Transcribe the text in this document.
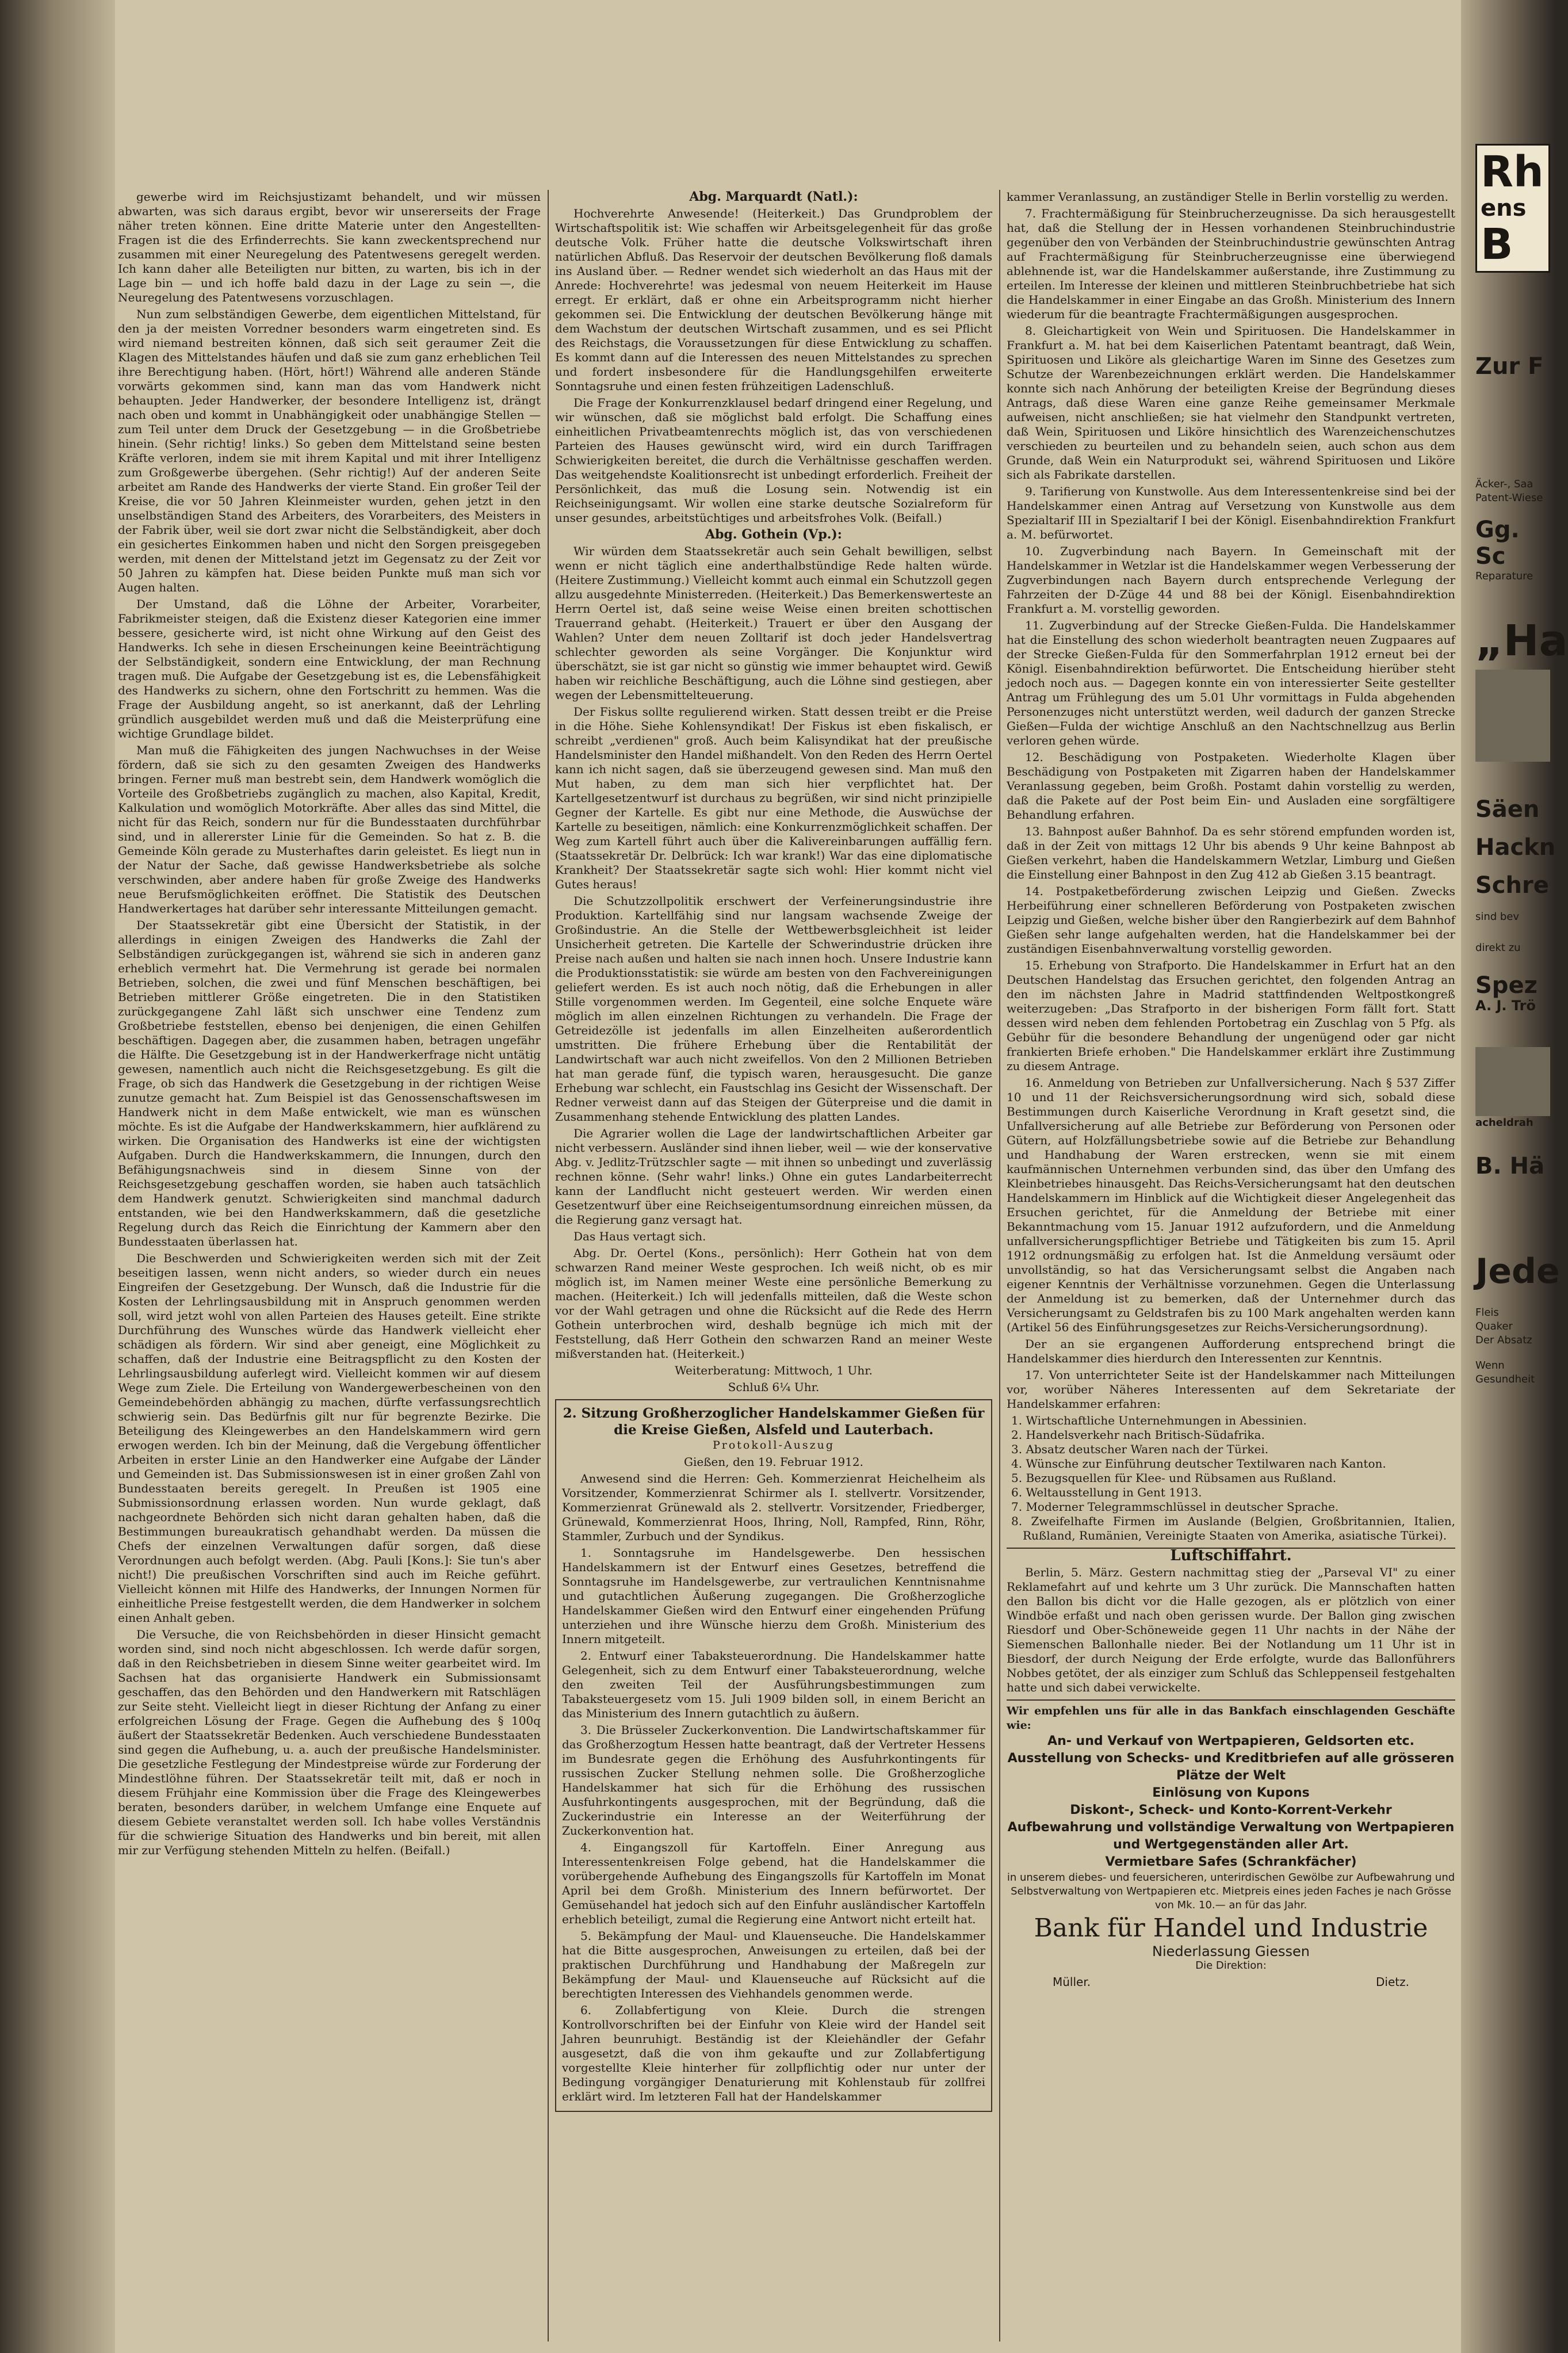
gewerbe wird im Reichsjustizamt behandelt, und wir müssen abwarten, was sich daraus ergibt, bevor wir unsererseits der Frage näher treten können. Eine dritte Materie unter den Angestellten-Fragen ist die des Erfinderrechts. Sie kann zweckentsprechend nur zusammen mit einer Neuregelung des Patentwesens geregelt werden. Ich kann daher alle Beteiligten nur bitten, zu warten, bis ich in der Lage bin — und ich hoffe bald dazu in der Lage zu sein —, die Neuregelung des Patentwesens vorzuschlagen.

Nun zum selbständigen Gewerbe, dem eigentlichen Mittelstand, für den ja der meisten Vorredner besonders warm eingetreten sind. Es wird niemand bestreiten können, daß sich seit geraumer Zeit die Klagen des Mittelstandes häufen und daß sie zum ganz erheblichen Teil ihre Berechtigung haben. (Hört, hört!) Während alle anderen Stände vorwärts gekommen sind, kann man das vom Handwerk nicht behaupten. Jeder Handwerker, der besondere Intelligenz ist, drängt nach oben und kommt in Unabhängigkeit oder unabhängige Stellen — zum Teil unter dem Druck der Gesetzgebung — in die Großbetriebe hinein. (Sehr richtig! links.) So geben dem Mittelstand seine besten Kräfte verloren, indem sie mit ihrem Kapital und mit ihrer Intelligenz zum Großgewerbe übergehen. (Sehr richtig!) Auf der anderen Seite arbeitet am Rande des Handwerks der vierte Stand. Ein großer Teil der Kreise, die vor 50 Jahren Kleinmeister wurden, gehen jetzt in den unselbständigen Stand des Arbeiters, des Vorarbeiters, des Meisters in der Fabrik über, weil sie dort zwar nicht die Selbständigkeit, aber doch ein gesichertes Einkommen haben und nicht den Sorgen preisgegeben werden, mit denen der Mittelstand jetzt im Gegensatz zu der Zeit vor 50 Jahren zu kämpfen hat. Diese beiden Punkte muß man sich vor Augen halten.

Der Umstand, daß die Löhne der Arbeiter, Vorarbeiter, Fabrikmeister steigen, daß die Existenz dieser Kategorien eine immer bessere, gesicherte wird, ist nicht ohne Wirkung auf den Geist des Handwerks. Ich sehe in diesen Erscheinungen keine Beeinträchtigung der Selbständigkeit, sondern eine Entwicklung, der man Rechnung tragen muß. Die Aufgabe der Gesetzgebung ist es, die Lebensfähigkeit des Handwerks zu sichern, ohne den Fortschritt zu hemmen. Was die Frage der Ausbildung angeht, so ist anerkannt, daß der Lehrling gründlich ausgebildet werden muß und daß die Meisterprüfung eine wichtige Grundlage bildet.

Man muß die Fähigkeiten des jungen Nachwuchses in der Weise fördern, daß sie sich zu den gesamten Zweigen des Handwerks bringen. Ferner muß man bestrebt sein, dem Handwerk womöglich die Vorteile des Großbetriebs zugänglich zu machen, also Kapital, Kredit, Kalkulation und womöglich Motorkräfte. Aber alles das sind Mittel, die nicht für das Reich, sondern nur für die Bundesstaaten durchführbar sind, und in allererster Linie für die Gemeinden. So hat z. B. die Gemeinde Köln gerade zu Musterhaftes darin geleistet. Es liegt nun in der Natur der Sache, daß gewisse Handwerksbetriebe als solche verschwinden, aber andere haben für große Zweige des Handwerks neue Berufsmöglichkeiten eröffnet. Die Statistik des Deutschen Handwerkertages hat darüber sehr interessante Mitteilungen gemacht.

Der Staatssekretär gibt eine Übersicht der Statistik, in der allerdings in einigen Zweigen des Handwerks die Zahl der Selbständigen zurückgegangen ist, während sie sich in anderen ganz erheblich vermehrt hat. Die Vermehrung ist gerade bei normalen Betrieben, solchen, die zwei und fünf Menschen beschäftigen, bei Betrieben mittlerer Größe eingetreten. Die in den Statistiken zurückgegangene Zahl läßt sich unschwer eine Tendenz zum Großbetriebe feststellen, ebenso bei denjenigen, die einen Gehilfen beschäftigen. Dagegen aber, die zusammen haben, betragen ungefähr die Hälfte. Die Gesetzgebung ist in der Handwerkerfrage nicht untätig gewesen, namentlich auch nicht die Reichsgesetzgebung. Es gilt die Frage, ob sich das Handwerk die Gesetzgebung in der richtigen Weise zunutze gemacht hat. Zum Beispiel ist das Genossenschaftswesen im Handwerk nicht in dem Maße entwickelt, wie man es wünschen möchte. Es ist die Aufgabe der Handwerkskammern, hier aufklärend zu wirken. Die Organisation des Handwerks ist eine der wichtigsten Aufgaben. Durch die Handwerkskammern, die Innungen, durch den Befähigungsnachweis sind in diesem Sinne von der Reichsgesetzgebung geschaffen worden, sie haben auch tatsächlich dem Handwerk genutzt. Schwierigkeiten sind manchmal dadurch entstanden, wie bei den Handwerkskammern, daß die gesetzliche Regelung durch das Reich die Einrichtung der Kammern aber den Bundesstaaten überlassen hat.

Die Beschwerden und Schwierigkeiten werden sich mit der Zeit beseitigen lassen, wenn nicht anders, so wieder durch ein neues Eingreifen der Gesetzgebung. Der Wunsch, daß die Industrie für die Kosten der Lehrlingsausbildung mit in Anspruch genommen werden soll, wird jetzt wohl von allen Parteien des Hauses geteilt. Eine strikte Durchführung des Wunsches würde das Handwerk vielleicht eher schädigen als fördern. Wir sind aber geneigt, eine Möglichkeit zu schaffen, daß der Industrie eine Beitragspflicht zu den Kosten der Lehrlingsausbildung auferlegt wird. Vielleicht kommen wir auf diesem Wege zum Ziele. Die Erteilung von Wandergewerbescheinen von den Gemeindebehörden abhängig zu machen, dürfte verfassungsrechtlich schwierig sein. Das Bedürfnis gilt nur für begrenzte Bezirke. Die Beteiligung des Kleingewerbes an den Handelskammern wird gern erwogen werden. Ich bin der Meinung, daß die Vergebung öffentlicher Arbeiten in erster Linie an den Handwerker eine Aufgabe der Länder und Gemeinden ist. Das Submissionswesen ist in einer großen Zahl von Bundesstaaten bereits geregelt. In Preußen ist 1905 eine Submissionsordnung erlassen worden. Nun wurde geklagt, daß nachgeordnete Behörden sich nicht daran gehalten haben, daß die Bestimmungen bureaukratisch gehandhabt werden. Da müssen die Chefs der einzelnen Verwaltungen dafür sorgen, daß diese Verordnungen auch befolgt werden. (Abg. Pauli [Kons.]: Sie tun's aber nicht!) Die preußischen Vorschriften sind auch im Reiche geführt. Vielleicht können mit Hilfe des Handwerks, der Innungen Normen für einheitliche Preise festgestellt werden, die dem Handwerker in solchem einen Anhalt geben.

Die Versuche, die von Reichsbehörden in dieser Hinsicht gemacht worden sind, sind noch nicht abgeschlossen. Ich werde dafür sorgen, daß in den Reichsbetrieben in diesem Sinne weiter gearbeitet wird. Im Sachsen hat das organisierte Handwerk ein Submissionsamt geschaffen, das den Behörden und den Handwerkern mit Ratschlägen zur Seite steht. Vielleicht liegt in dieser Richtung der Anfang zu einer erfolgreichen Lösung der Frage. Gegen die Aufhebung des § 100q äußert der Staatssekretär Bedenken. Auch verschiedene Bundesstaaten sind gegen die Aufhebung, u. a. auch der preußische Handelsminister. Die gesetzliche Festlegung der Mindestpreise würde zur Forderung der Mindestlöhne führen. Der Staatssekretär teilt mit, daß er noch in diesem Frühjahr eine Kommission über die Frage des Kleingewerbes beraten, besonders darüber, in welchem Umfange eine Enquete auf diesem Gebiete veranstaltet werden soll. Ich habe volles Verständnis für die schwierige Situation des Handwerks und bin bereit, mit allen mir zur Verfügung stehenden Mitteln zu helfen. (Beifall.)

Abg. Marquardt (Natl.):

Hochverehrte Anwesende! (Heiterkeit.) Das Grundproblem der Wirtschaftspolitik ist: Wie schaffen wir Arbeitsgelegenheit für das große deutsche Volk. Früher hatte die deutsche Volkswirtschaft ihren natürlichen Abfluß. Das Reservoir der deutschen Bevölkerung floß damals ins Ausland über. — Redner wendet sich wiederholt an das Haus mit der Anrede: Hochverehrte! was jedesmal von neuem Heiterkeit im Hause erregt. Er erklärt, daß er ohne ein Arbeitsprogramm nicht hierher gekommen sei. Die Entwicklung der deutschen Bevölkerung hänge mit dem Wachstum der deutschen Wirtschaft zusammen, und es sei Pflicht des Reichstags, die Voraussetzungen für diese Entwicklung zu schaffen. Es kommt dann auf die Interessen des neuen Mittelstandes zu sprechen und fordert insbesondere für die Handlungsgehilfen erweiterte Sonntagsruhe und einen festen frühzeitigen Ladenschluß.

Die Frage der Konkurrenzklausel bedarf dringend einer Regelung, und wir wünschen, daß sie möglichst bald erfolgt. Die Schaffung eines einheitlichen Privatbeamtenrechts möglich ist, das von verschiedenen Parteien des Hauses gewünscht wird, wird ein durch Tariffragen Schwierigkeiten bereitet, die durch die Verhältnisse geschaffen werden. Das weitgehendste Koalitionsrecht ist unbedingt erforderlich. Freiheit der Persönlichkeit, das muß die Losung sein. Notwendig ist ein Reichseinigungsamt. Wir wollen eine starke deutsche Sozialreform für unser gesundes, arbeitstüchtiges und arbeitsfrohes Volk. (Beifall.)

Abg. Gothein (Vp.):

Wir würden dem Staatssekretär auch sein Gehalt bewilligen, selbst wenn er nicht täglich eine anderthalbstündige Rede halten würde. (Heitere Zustimmung.) Vielleicht kommt auch einmal ein Schutzzoll gegen allzu ausgedehnte Ministerreden. (Heiterkeit.) Das Bemerkenswerteste an Herrn Oertel ist, daß seine weise Weise einen breiten schottischen Trauerrand gehabt. (Heiterkeit.) Trauert er über den Ausgang der Wahlen? Unter dem neuen Zolltarif ist doch jeder Handelsvertrag schlechter geworden als seine Vorgänger. Die Konjunktur wird überschätzt, sie ist gar nicht so günstig wie immer behauptet wird. Gewiß haben wir reichliche Beschäftigung, auch die Löhne sind gestiegen, aber wegen der Lebensmittelteuerung.

Der Fiskus sollte regulierend wirken. Statt dessen treibt er die Preise in die Höhe. Siehe Kohlensyndikat! Der Fiskus ist eben fiskalisch, er schreibt „verdienen" groß. Auch beim Kalisyndikat hat der preußische Handelsminister den Handel mißhandelt. Von den Reden des Herrn Oertel kann ich nicht sagen, daß sie überzeugend gewesen sind. Man muß den Mut haben, zu dem man sich hier verpflichtet hat. Der Kartellgesetzentwurf ist durchaus zu begrüßen, wir sind nicht prinzipielle Gegner der Kartelle. Es gibt nur eine Methode, die Auswüchse der Kartelle zu beseitigen, nämlich: eine Konkurrenzmöglichkeit schaffen. Der Weg zum Kartell führt auch über die Kalivereinbarungen auffällig fern. (Staatssekretär Dr. Delbrück: Ich war krank!) War das eine diplomatische Krankheit? Der Staatssekretär sagte sich wohl: Hier kommt nicht viel Gutes heraus!

Die Schutzzollpolitik erschwert der Verfeinerungsindustrie ihre Produktion. Kartellfähig sind nur langsam wachsende Zweige der Großindustrie. An die Stelle der Wettbewerbsgleichheit ist leider Unsicherheit getreten. Die Kartelle der Schwerindustrie drücken ihre Preise nach außen und halten sie nach innen hoch. Unsere Industrie kann die Produktionsstatistik: sie würde am besten von den Fachvereinigungen geliefert werden. Es ist auch noch nötig, daß die Erhebungen in aller Stille vorgenommen werden. Im Gegenteil, eine solche Enquete wäre möglich im allen einzelnen Richtungen zu verhandeln. Die Frage der Getreidezölle ist jedenfalls im allen Einzelheiten außerordentlich umstritten. Die frühere Erhebung über die Rentabilität der Landwirtschaft war auch nicht zweifellos. Von den 2 Millionen Betrieben hat man gerade fünf, die typisch waren, herausgesucht. Die ganze Erhebung war schlecht, ein Faustschlag ins Gesicht der Wissenschaft. Der Redner verweist dann auf das Steigen der Güterpreise und die damit in Zusammenhang stehende Entwicklung des platten Landes.

Die Agrarier wollen die Lage der landwirtschaftlichen Arbeiter gar nicht verbessern. Ausländer sind ihnen lieber, weil — wie der konservative Abg. v. Jedlitz-Trützschler sagte — mit ihnen so unbedingt und zuverlässig rechnen könne. (Sehr wahr! links.) Ohne ein gutes Landarbeiterrecht kann der Landflucht nicht gesteuert werden. Wir werden einen Gesetzentwurf über eine Reichseigentumsordnung einreichen müssen, da die Regierung ganz versagt hat.

Das Haus vertagt sich.

Abg. Dr. Oertel (Kons., persönlich): Herr Gothein hat von dem schwarzen Rand meiner Weste gesprochen. Ich weiß nicht, ob es mir möglich ist, im Namen meiner Weste eine persönliche Bemerkung zu machen. (Heiterkeit.) Ich will jedenfalls mitteilen, daß die Weste schon vor der Wahl getragen und ohne die Rücksicht auf die Rede des Herrn Gothein unterbrochen wird, deshalb begnüge ich mich mit der Feststellung, daß Herr Gothein den schwarzen Rand an meiner Weste mißverstanden hat. (Heiterkeit.)

Weiterberatung: Mittwoch, 1 Uhr.

Schluß 6¼ Uhr.

2. Sitzung Großherzoglicher Handelskammer Gießen für die Kreise Gießen, Alsfeld und Lauterbach.

Protokoll-Auszug

Gießen, den 19. Februar 1912.

Anwesend sind die Herren: Geh. Kommerzienrat Heichelheim als Vorsitzender, Kommerzienrat Schirmer als I. stellvertr. Vorsitzender, Kommerzienrat Grünewald als 2. stellvertr. Vorsitzender, Friedberger, Grünewald, Kommerzienrat Hoos, Ihring, Noll, Rampfed, Rinn, Röhr, Stammler, Zurbuch und der Syndikus.

1. Sonntagsruhe im Handelsgewerbe. Den hessischen Handelskammern ist der Entwurf eines Gesetzes, betreffend die Sonntagsruhe im Handelsgewerbe, zur vertraulichen Kenntnisnahme und gutachtlichen Äußerung zugegangen. Die Großherzogliche Handelskammer Gießen wird den Entwurf einer eingehenden Prüfung unterziehen und ihre Wünsche hierzu dem Großh. Ministerium des Innern mitgeteilt.

2. Entwurf einer Tabaksteuerordnung. Die Handelskammer hatte Gelegenheit, sich zu dem Entwurf einer Tabaksteuerordnung, welche den zweiten Teil der Ausführungsbestimmungen zum Tabaksteuergesetz vom 15. Juli 1909 bilden soll, in einem Bericht an das Ministerium des Innern gutachtlich zu äußern.

3. Die Brüsseler Zuckerkonvention. Die Landwirtschaftskammer für das Großherzogtum Hessen hatte beantragt, daß der Vertreter Hessens im Bundesrate gegen die Erhöhung des Ausfuhrkontingents für russischen Zucker Stellung nehmen solle. Die Großherzogliche Handelskammer hat sich für die Erhöhung des russischen Ausfuhrkontingents ausgesprochen, mit der Begründung, daß die Zuckerindustrie ein Interesse an der Weiterführung der Zuckerkonvention hat.

4. Eingangszoll für Kartoffeln. Einer Anregung aus Interessentenkreisen Folge gebend, hat die Handelskammer die vorübergehende Aufhebung des Eingangszolls für Kartoffeln im Monat April bei dem Großh. Ministerium des Innern befürwortet. Der Gemüsehandel hat jedoch sich auf den Einfuhr ausländischer Kartoffeln erheblich beteiligt, zumal die Regierung eine Antwort nicht erteilt hat.

5. Bekämpfung der Maul- und Klauenseuche. Die Handelskammer hat die Bitte ausgesprochen, Anweisungen zu erteilen, daß bei der praktischen Durchführung und Handhabung der Maßregeln zur Bekämpfung der Maul- und Klauenseuche auf Rücksicht auf die berechtigten Interessen des Viehhandels genommen werde.

6. Zollabfertigung von Kleie. Durch die strengen Kontrollvorschriften bei der Einfuhr von Kleie wird der Handel seit Jahren beunruhigt. Beständig ist der Kleiehändler der Gefahr ausgesetzt, daß die von ihm gekaufte und zur Zollabfertigung vorgestellte Kleie hinterher für zollpflichtig oder nur unter der Bedingung vorgängiger Denaturierung mit Kohlenstaub für zollfrei erklärt wird. Im letzteren Fall hat der Handelskammer

kammer Veranlassung, an zuständiger Stelle in Berlin vorstellig zu werden.

7. Frachtermäßigung für Steinbrucherzeugnisse. Da sich herausgestellt hat, daß die Stellung der in Hessen vorhandenen Steinbruchindustrie gegenüber den von Verbänden der Steinbruchindustrie gewünschten Antrag auf Frachtermäßigung für Steinbrucherzeugnisse eine überwiegend ablehnende ist, war die Handelskammer außerstande, ihre Zustimmung zu erteilen. Im Interesse der kleinen und mittleren Steinbruchbetriebe hat sich die Handelskammer in einer Eingabe an das Großh. Ministerium des Innern wiederum für die beantragte Frachtermäßigungen ausgesprochen.

8. Gleichartigkeit von Wein und Spirituosen. Die Handelskammer in Frankfurt a. M. hat bei dem Kaiserlichen Patentamt beantragt, daß Wein, Spirituosen und Liköre als gleichartige Waren im Sinne des Gesetzes zum Schutze der Warenbezeichnungen erklärt werden. Die Handelskammer konnte sich nach Anhörung der beteiligten Kreise der Begründung dieses Antrags, daß diese Waren eine ganze Reihe gemeinsamer Merkmale aufweisen, nicht anschließen; sie hat vielmehr den Standpunkt vertreten, daß Wein, Spirituosen und Liköre hinsichtlich des Warenzeichenschutzes verschieden zu beurteilen und zu behandeln seien, auch schon aus dem Grunde, daß Wein ein Naturprodukt sei, während Spirituosen und Liköre sich als Fabrikate darstellen.

9. Tarifierung von Kunstwolle. Aus dem Interessentenkreise sind bei der Handelskammer einen Antrag auf Versetzung von Kunstwolle aus dem Spezialtarif III in Spezialtarif I bei der Königl. Eisenbahndirektion Frankfurt a. M. befürwortet.

10. Zugverbindung nach Bayern. In Gemeinschaft mit der Handelskammer in Wetzlar ist die Handelskammer wegen Verbesserung der Zugverbindungen nach Bayern durch entsprechende Verlegung der Fahrzeiten der D-Züge 44 und 88 bei der Königl. Eisenbahndirektion Frankfurt a. M. vorstellig geworden.

11. Zugverbindung auf der Strecke Gießen-Fulda. Die Handelskammer hat die Einstellung des schon wiederholt beantragten neuen Zugpaares auf der Strecke Gießen-Fulda für den Sommerfahrplan 1912 erneut bei der Königl. Eisenbahndirektion befürwortet. Die Entscheidung hierüber steht jedoch noch aus. — Dagegen konnte ein von interessierter Seite gestellter Antrag um Frühlegung des um 5.01 Uhr vormittags in Fulda abgehenden Personenzuges nicht unterstützt werden, weil dadurch der ganzen Strecke Gießen—Fulda der wichtige Anschluß an den Nachtschnellzug aus Berlin verloren gehen würde.

12. Beschädigung von Postpaketen. Wiederholte Klagen über Beschädigung von Postpaketen mit Zigarren haben der Handelskammer Veranlassung gegeben, beim Großh. Postamt dahin vorstellig zu werden, daß die Pakete auf der Post beim Ein- und Ausladen eine sorgfältigere Behandlung erfahren.

13. Bahnpost außer Bahnhof. Da es sehr störend empfunden worden ist, daß in der Zeit von mittags 12 Uhr bis abends 9 Uhr keine Bahnpost ab Gießen verkehrt, haben die Handelskammern Wetzlar, Limburg und Gießen die Einstellung einer Bahnpost in den Zug 412 ab Gießen 3.15 beantragt.

14. Postpaketbeförderung zwischen Leipzig und Gießen. Zwecks Herbeiführung einer schnelleren Beförderung von Postpaketen zwischen Leipzig und Gießen, welche bisher über den Rangierbezirk auf dem Bahnhof Gießen sehr lange aufgehalten werden, hat die Handelskammer bei der zuständigen Eisenbahnverwaltung vorstellig geworden.

15. Erhebung von Strafporto. Die Handelskammer in Erfurt hat an den Deutschen Handelstag das Ersuchen gerichtet, den folgenden Antrag an den im nächsten Jahre in Madrid stattfindenden Weltpostkongreß weiterzugeben: „Das Strafporto in der bisherigen Form fällt fort. Statt dessen wird neben dem fehlenden Portobetrag ein Zuschlag von 5 Pfg. als Gebühr für die besondere Behandlung der ungenügend oder gar nicht frankierten Briefe erhoben." Die Handelskammer erklärt ihre Zustimmung zu diesem Antrage.

16. Anmeldung von Betrieben zur Unfallversicherung. Nach § 537 Ziffer 10 und 11 der Reichsversicherungsordnung wird sich, sobald diese Bestimmungen durch Kaiserliche Verordnung in Kraft gesetzt sind, die Unfallversicherung auf alle Betriebe zur Beförderung von Personen oder Gütern, auf Holzfällungsbetriebe sowie auf die Betriebe zur Behandlung und Handhabung der Waren erstrecken, wenn sie mit einem kaufmännischen Unternehmen verbunden sind, das über den Umfang des Kleinbetriebes hinausgeht. Das Reichs-Versicherungsamt hat den deutschen Handelskammern im Hinblick auf die Wichtigkeit dieser Angelegenheit das Ersuchen gerichtet, für die Anmeldung der Betriebe mit einer Bekanntmachung vom 15. Januar 1912 aufzufordern, und die Anmeldung unfallversicherungspflichtiger Betriebe und Tätigkeiten bis zum 15. April 1912 ordnungsmäßig zu erfolgen hat. Ist die Anmeldung versäumt oder unvollständig, so hat das Versicherungsamt selbst die Angaben nach eigener Kenntnis der Verhältnisse vorzunehmen. Gegen die Unterlassung der Anmeldung ist zu bemerken, daß der Unternehmer durch das Versicherungsamt zu Geldstrafen bis zu 100 Mark angehalten werden kann (Artikel 56 des Einführungsgesetzes zur Reichs-Versicherungsordnung).

Der an sie ergangenen Aufforderung entsprechend bringt die Handelskammer dies hierdurch den Interessenten zur Kenntnis.

17. Von unterrichteter Seite ist der Handelskammer nach Mitteilungen vor, worüber Näheres Interessenten auf dem Sekretariate der Handelskammer erfahren:

1. Wirtschaftliche Unternehmungen in Abessinien.
2. Handelsverkehr nach Britisch-Südafrika.
3. Absatz deutscher Waren nach der Türkei.
4. Wünsche zur Einführung deutscher Textilwaren nach Kanton.
5. Bezugsquellen für Klee- und Rübsamen aus Rußland.
6. Weltausstellung in Gent 1913.
7. Moderner Telegrammschlüssel in deutscher Sprache.
8. Zweifelhafte Firmen im Auslande (Belgien, Großbritannien, Italien, Rußland, Rumänien, Vereinigte Staaten von Amerika, asiatische Türkei).

Luftschiffahrt.

Berlin, 5. März. Gestern nachmittag stieg der „Parseval VI" zu einer Reklamefahrt auf und kehrte um 3 Uhr zurück. Die Mannschaften hatten den Ballon bis dicht vor die Halle gezogen, als er plötzlich von einer Windböe erfaßt und nach oben gerissen wurde. Der Ballon ging zwischen Riesdorf und Ober-Schöneweide gegen 11 Uhr nachts in der Nähe der Siemenschen Ballonhalle nieder. Bei der Notlandung um 11 Uhr ist in Biesdorf, der durch Neigung der Erde erfolgte, wurde das Ballonführers Nobbes getötet, der als einziger zum Schluß das Schleppenseil festgehalten hatte und sich dabei verwickelte.

Wir empfehlen uns für alle in das Bankfach einschlagenden Geschäfte wie:
An- und Verkauf von Wertpapieren, Geldsorten etc.
Ausstellung von Schecks- und Kreditbriefen auf alle grösseren Plätze der Welt
Einlösung von Kupons
Diskont-, Scheck- und Konto-Korrent-Verkehr
Aufbewahrung und vollständige Verwaltung von Wertpapieren und Wertgegenständen aller Art.
Vermietbare Safes (Schrankfächer)
in unserem diebes- und feuersicheren, unterirdischen Gewölbe zur Aufbewahrung und Selbstverwaltung von Wertpapieren etc. Mietpreis eines jeden Faches je nach Grösse von Mk. 10.— an für das Jahr.
Bank für Handel und Industrie
Niederlassung Giessen
Die Direktion:
Müller.	Dietz.
Rh
ens
B
Zur F
Äcker-, Saa
Patent-Wiese
Gg. Sc
Reparature
„Ha
Säen
Hackn
Schre
sind bev
direkt zu
Spez
A. J. Trö
acheldrah
B. Hä
Jede
Fleis
Quaker
Der Absatz
Wenn
Gesundheit
